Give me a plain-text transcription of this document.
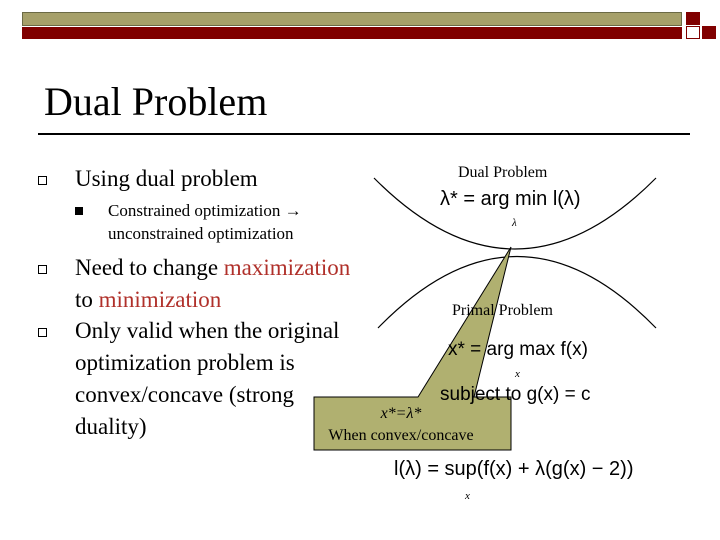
Dual Problem
Using dual problem
Constrained optimization → unconstrained optimization
Need to change maximization
to minimization
Only valid when the original optimization problem is convex/concave (strong duality)
Dual Problem
λ* = arg min l(λ)
λ
Primal Problem
x* = arg max f(x)
x
subject to g(x) = c
l(λ) = sup(f(x) + λ(g(x) − 2))
x
x*=λ*
When convex/concave
